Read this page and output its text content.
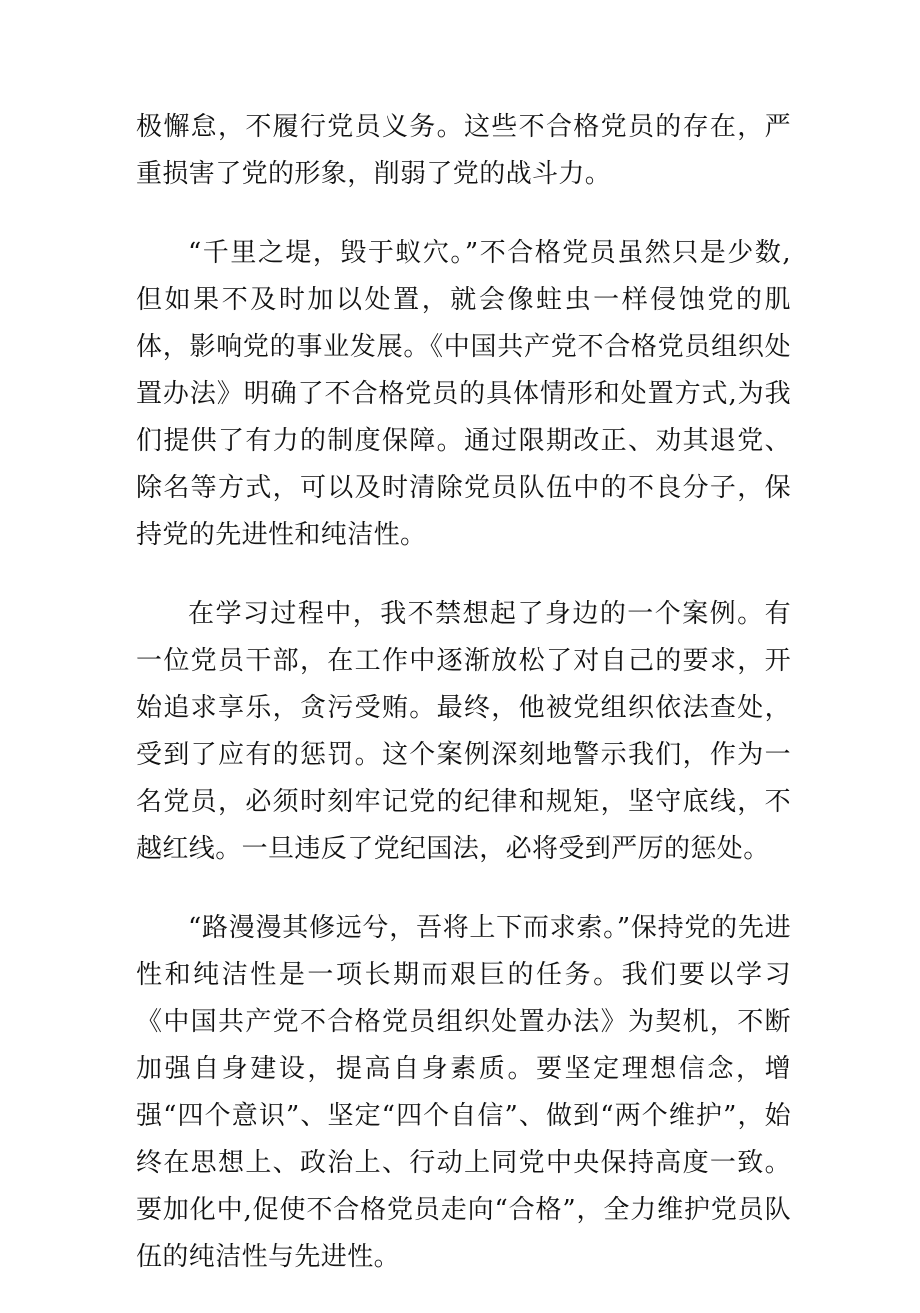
极懈怠，不履行党员义务。这些不合格党员的存在，严重损害了党的形象，削弱了党的战斗力。

“千里之堤，毁于蚁穴。”不合格党员虽然只是少数,但如果不及时加以处置，就会像蛀虫一样侵蚀党的肌体，影响党的事业发展。《中国共产党不合格党员组织处置办法》明确了不合格党员的具体情形和处置方式,为我们提供了有力的制度保障。通过限期改正、劝其退党、除名等方式，可以及时清除党员队伍中的不良分子，保持党的先进性和纯洁性。

在学习过程中，我不禁想起了身边的一个案例。有一位党员干部，在工作中逐渐放松了对自己的要求，开始追求享乐，贪污受贿。最终，他被党组织依法查处，受到了应有的惩罚。这个案例深刻地警示我们，作为一名党员，必须时刻牢记党的纪律和规矩，坚守底线，不越红线。一旦违反了党纪国法，必将受到严厉的惩处。

“路漫漫其修远兮，吾将上下而求索。”保持党的先进性和纯洁性是一项长期而艰巨的任务。我们要以学习《中国共产党不合格党员组织处置办法》为契机，不断加强自身建设，提高自身素质。要坚定理想信念，增强“四个意识”、坚定“四个自信”、做到“两个维护”，始终在思想上、政治上、行动上同党中央保持高度一致。要加化中,促使不合格党员走向“合格”，全力维护党员队伍的纯洁性与先进性。
